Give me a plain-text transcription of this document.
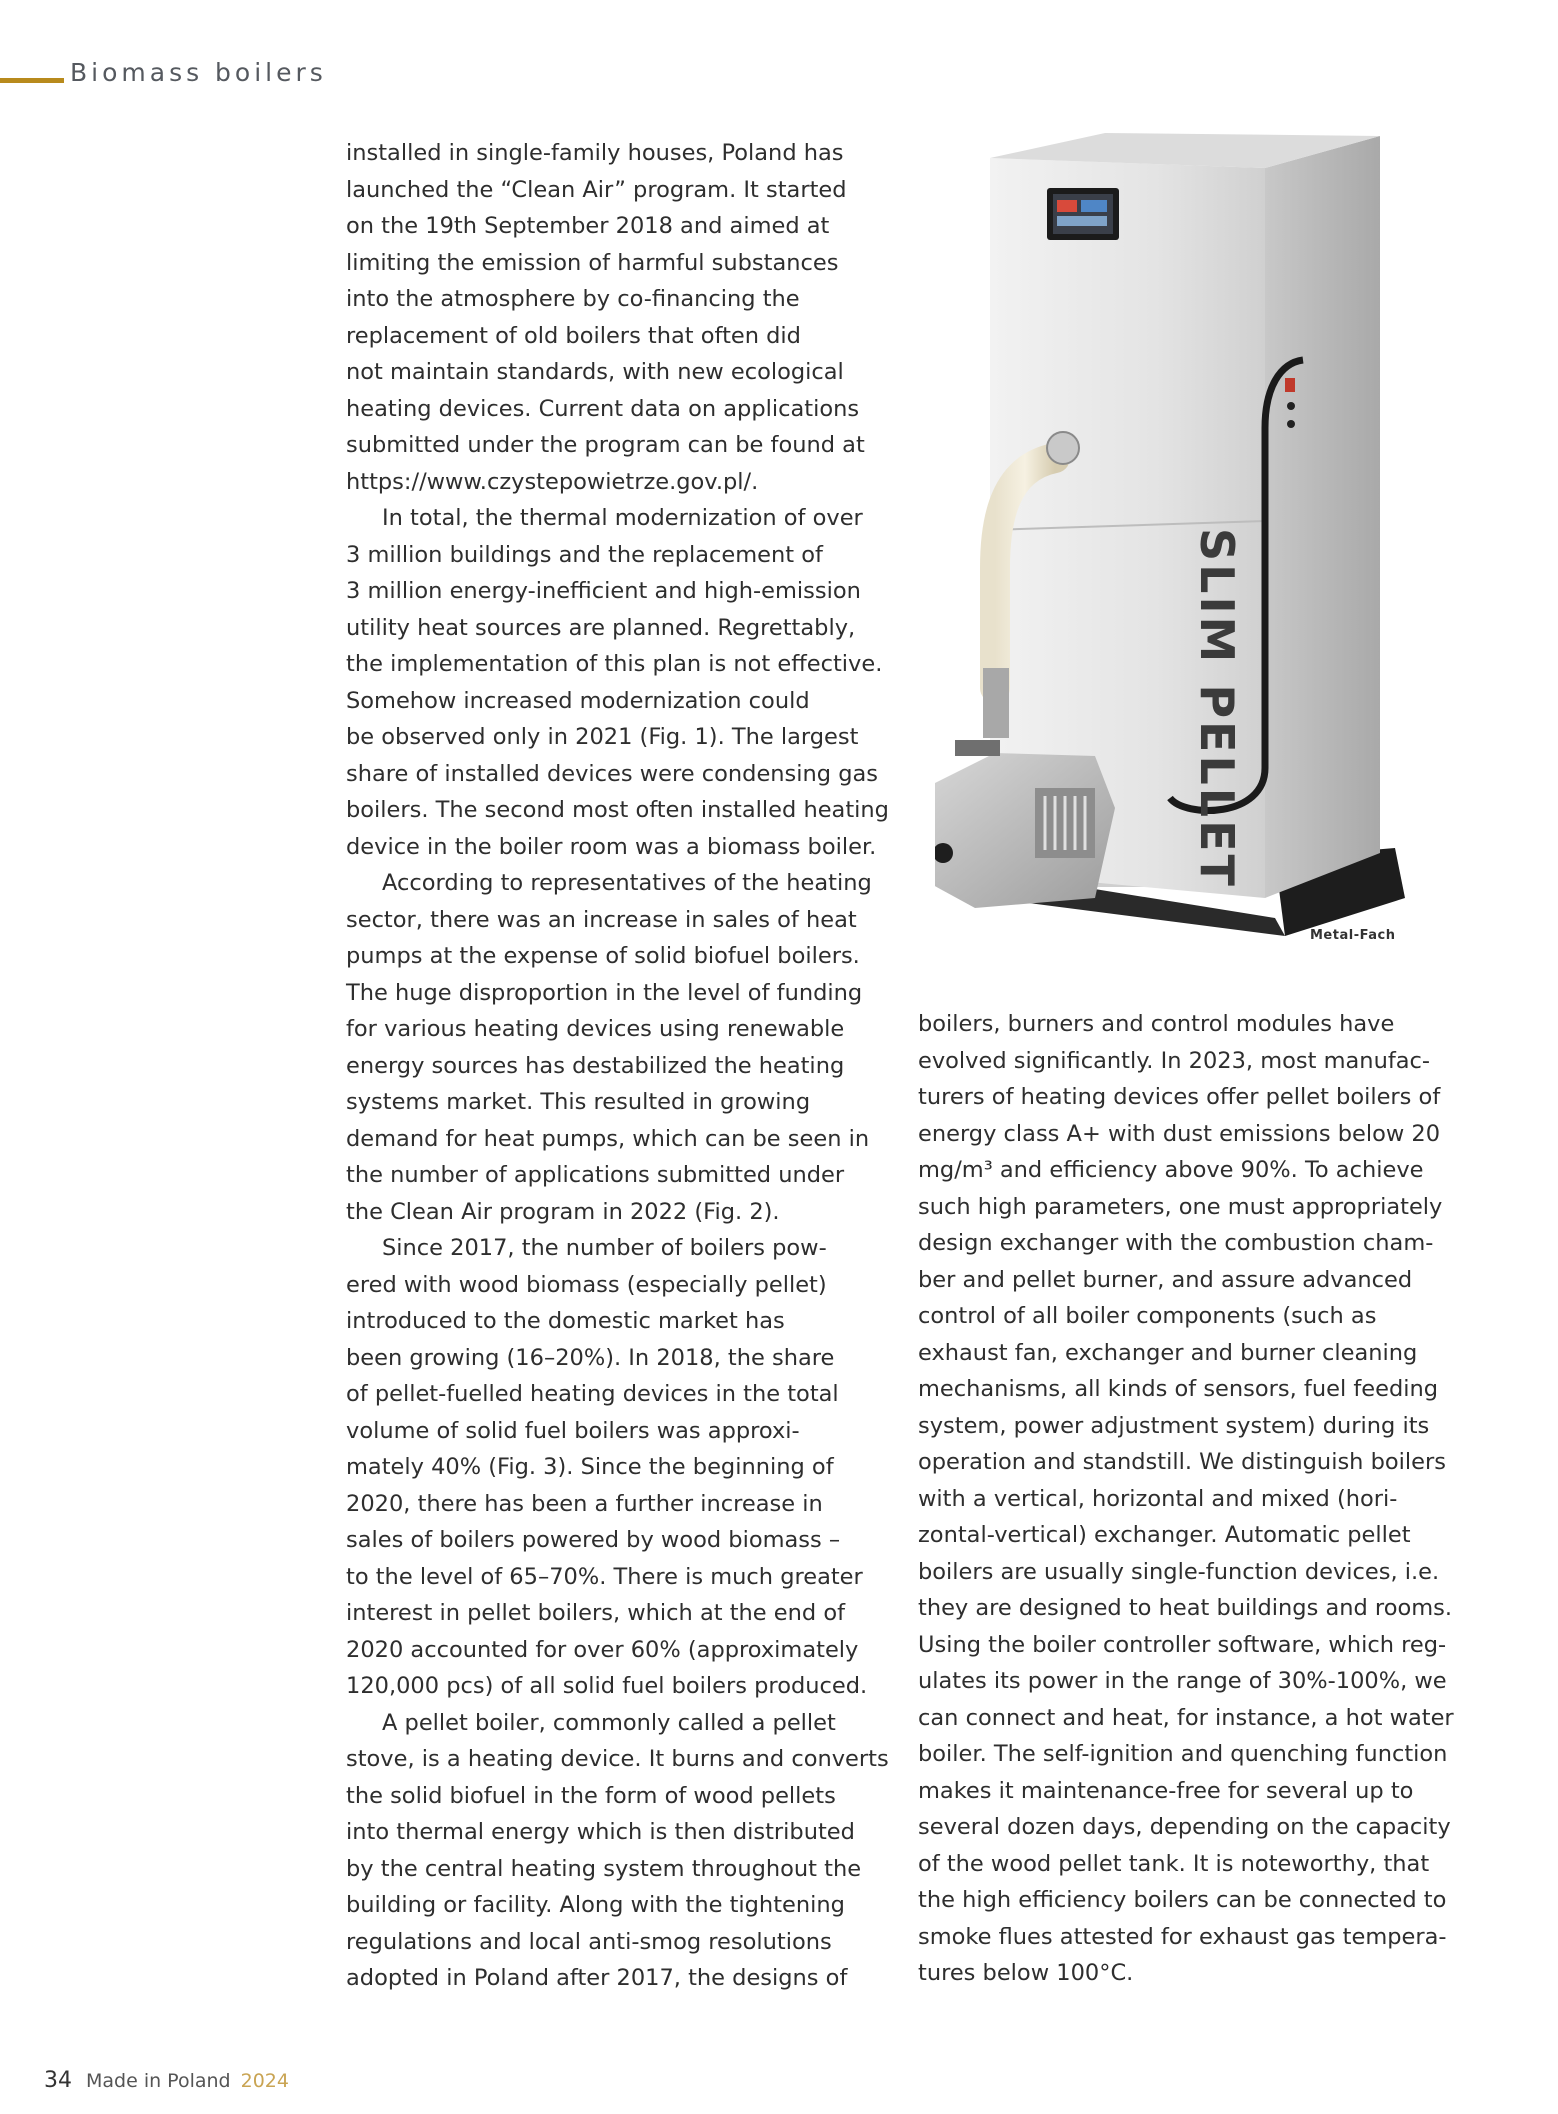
Biomass boilers

installed in single-family houses, Poland has
launched the “Clean Air” program. It started
on the 19th September 2018 and aimed at
limiting the emission of harmful substances
into the atmosphere by co-financing the
replacement of old boilers that often did
not maintain standards, with new ecological
heating devices. Current data on applications
submitted under the program can be found at
https://www.czystepowietrze.gov.pl/.

In total, the thermal modernization of over
3 million buildings and the replacement of
3 million energy-inefficient and high-emission
utility heat sources are planned. Regrettably,
the implementation of this plan is not effective.
Somehow increased modernization could
be observed only in 2021 (Fig. 1). The largest
share of installed devices were condensing gas
boilers. The second most often installed heating
device in the boiler room was a biomass boiler.

According to representatives of the heating
sector, there was an increase in sales of heat
pumps at the expense of solid biofuel boilers.
The huge disproportion in the level of funding
for various heating devices using renewable
energy sources has destabilized the heating
systems market. This resulted in growing
demand for heat pumps, which can be seen in
the number of applications submitted under
the Clean Air program in 2022 (Fig. 2).

Since 2017, the number of boilers pow-
ered with wood biomass (especially pellet)
introduced to the domestic market has
been growing (16–20%). In 2018, the share
of pellet-fuelled heating devices in the total
volume of solid fuel boilers was approxi-
mately 40% (Fig. 3). Since the beginning of
2020, there has been a further increase in
sales of boilers powered by wood biomass –
to the level of 65–70%. There is much greater
interest in pellet boilers, which at the end of
2020 accounted for over 60% (approximately
120,000 pcs) of all solid fuel boilers produced.

A pellet boiler, commonly called a pellet
stove, is a heating device. It burns and converts
the solid biofuel in the form of wood pellets
into thermal energy which is then distributed
by the central heating system throughout the
building or facility. Along with the tightening
regulations and local anti-smog resolutions
adopted in Poland after 2017, the designs of

SLIM PELLET
Metal-Fach

boilers, burners and control modules have
evolved significantly. In 2023, most manufac-
turers of heating devices offer pellet boilers of
energy class A+ with dust emissions below 20
mg/m³ and efficiency above 90%. To achieve
such high parameters, one must appropriately
design exchanger with the combustion cham-
ber and pellet burner, and assure advanced
control of all boiler components (such as
exhaust fan, exchanger and burner cleaning
mechanisms, all kinds of sensors, fuel feeding
system, power adjustment system) during its
operation and standstill. We distinguish boilers
with a vertical, horizontal and mixed (hori-
zontal-vertical) exchanger. Automatic pellet
boilers are usually single-function devices, i.e.
they are designed to heat buildings and rooms.
Using the boiler controller software, which reg-
ulates its power in the range of 30%-100%, we
can connect and heat, for instance, a hot water
boiler. The self-ignition and quenching function
makes it maintenance-free for several up to
several dozen days, depending on the capacity
of the wood pellet tank. It is noteworthy, that
the high efficiency boilers can be connected to
smoke flues attested for exhaust gas tempera-
tures below 100°C.

34 Made in Poland 2024
